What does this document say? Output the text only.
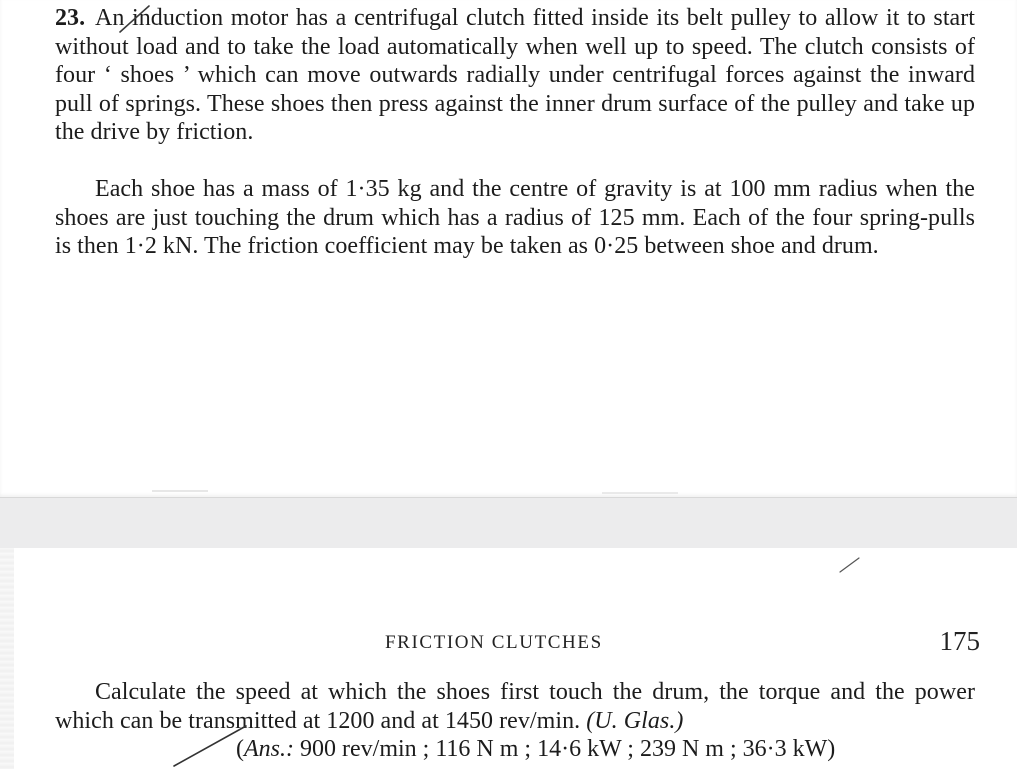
23. An induction motor has a centrifugal clutch fitted inside its belt pulley to allow it to start without load and to take the load automatically when well up to speed. The clutch consists of four ‘ shoes ’ which can move outwards radially under centrifugal forces against the inward pull of springs. These shoes then press against the inner drum surface of the pulley and take up the drive by friction.

Each shoe has a mass of 1·35 kg and the centre of gravity is at 100 mm radius when the shoes are just touching the drum which has a radius of 125 mm. Each of the four spring-pulls is then 1·2 kN. The friction coefficient may be taken as 0·25 between shoe and drum.

FRICTION CLUTCHES	175

Calculate the speed at which the shoes first touch the drum, the torque and the power which can be transmitted at 1200 and at 1450 rev/min. (U. Glas.)

(Ans.: 900 rev/min ; 116 N m ; 14·6 kW ; 239 N m ; 36·3 kW)
